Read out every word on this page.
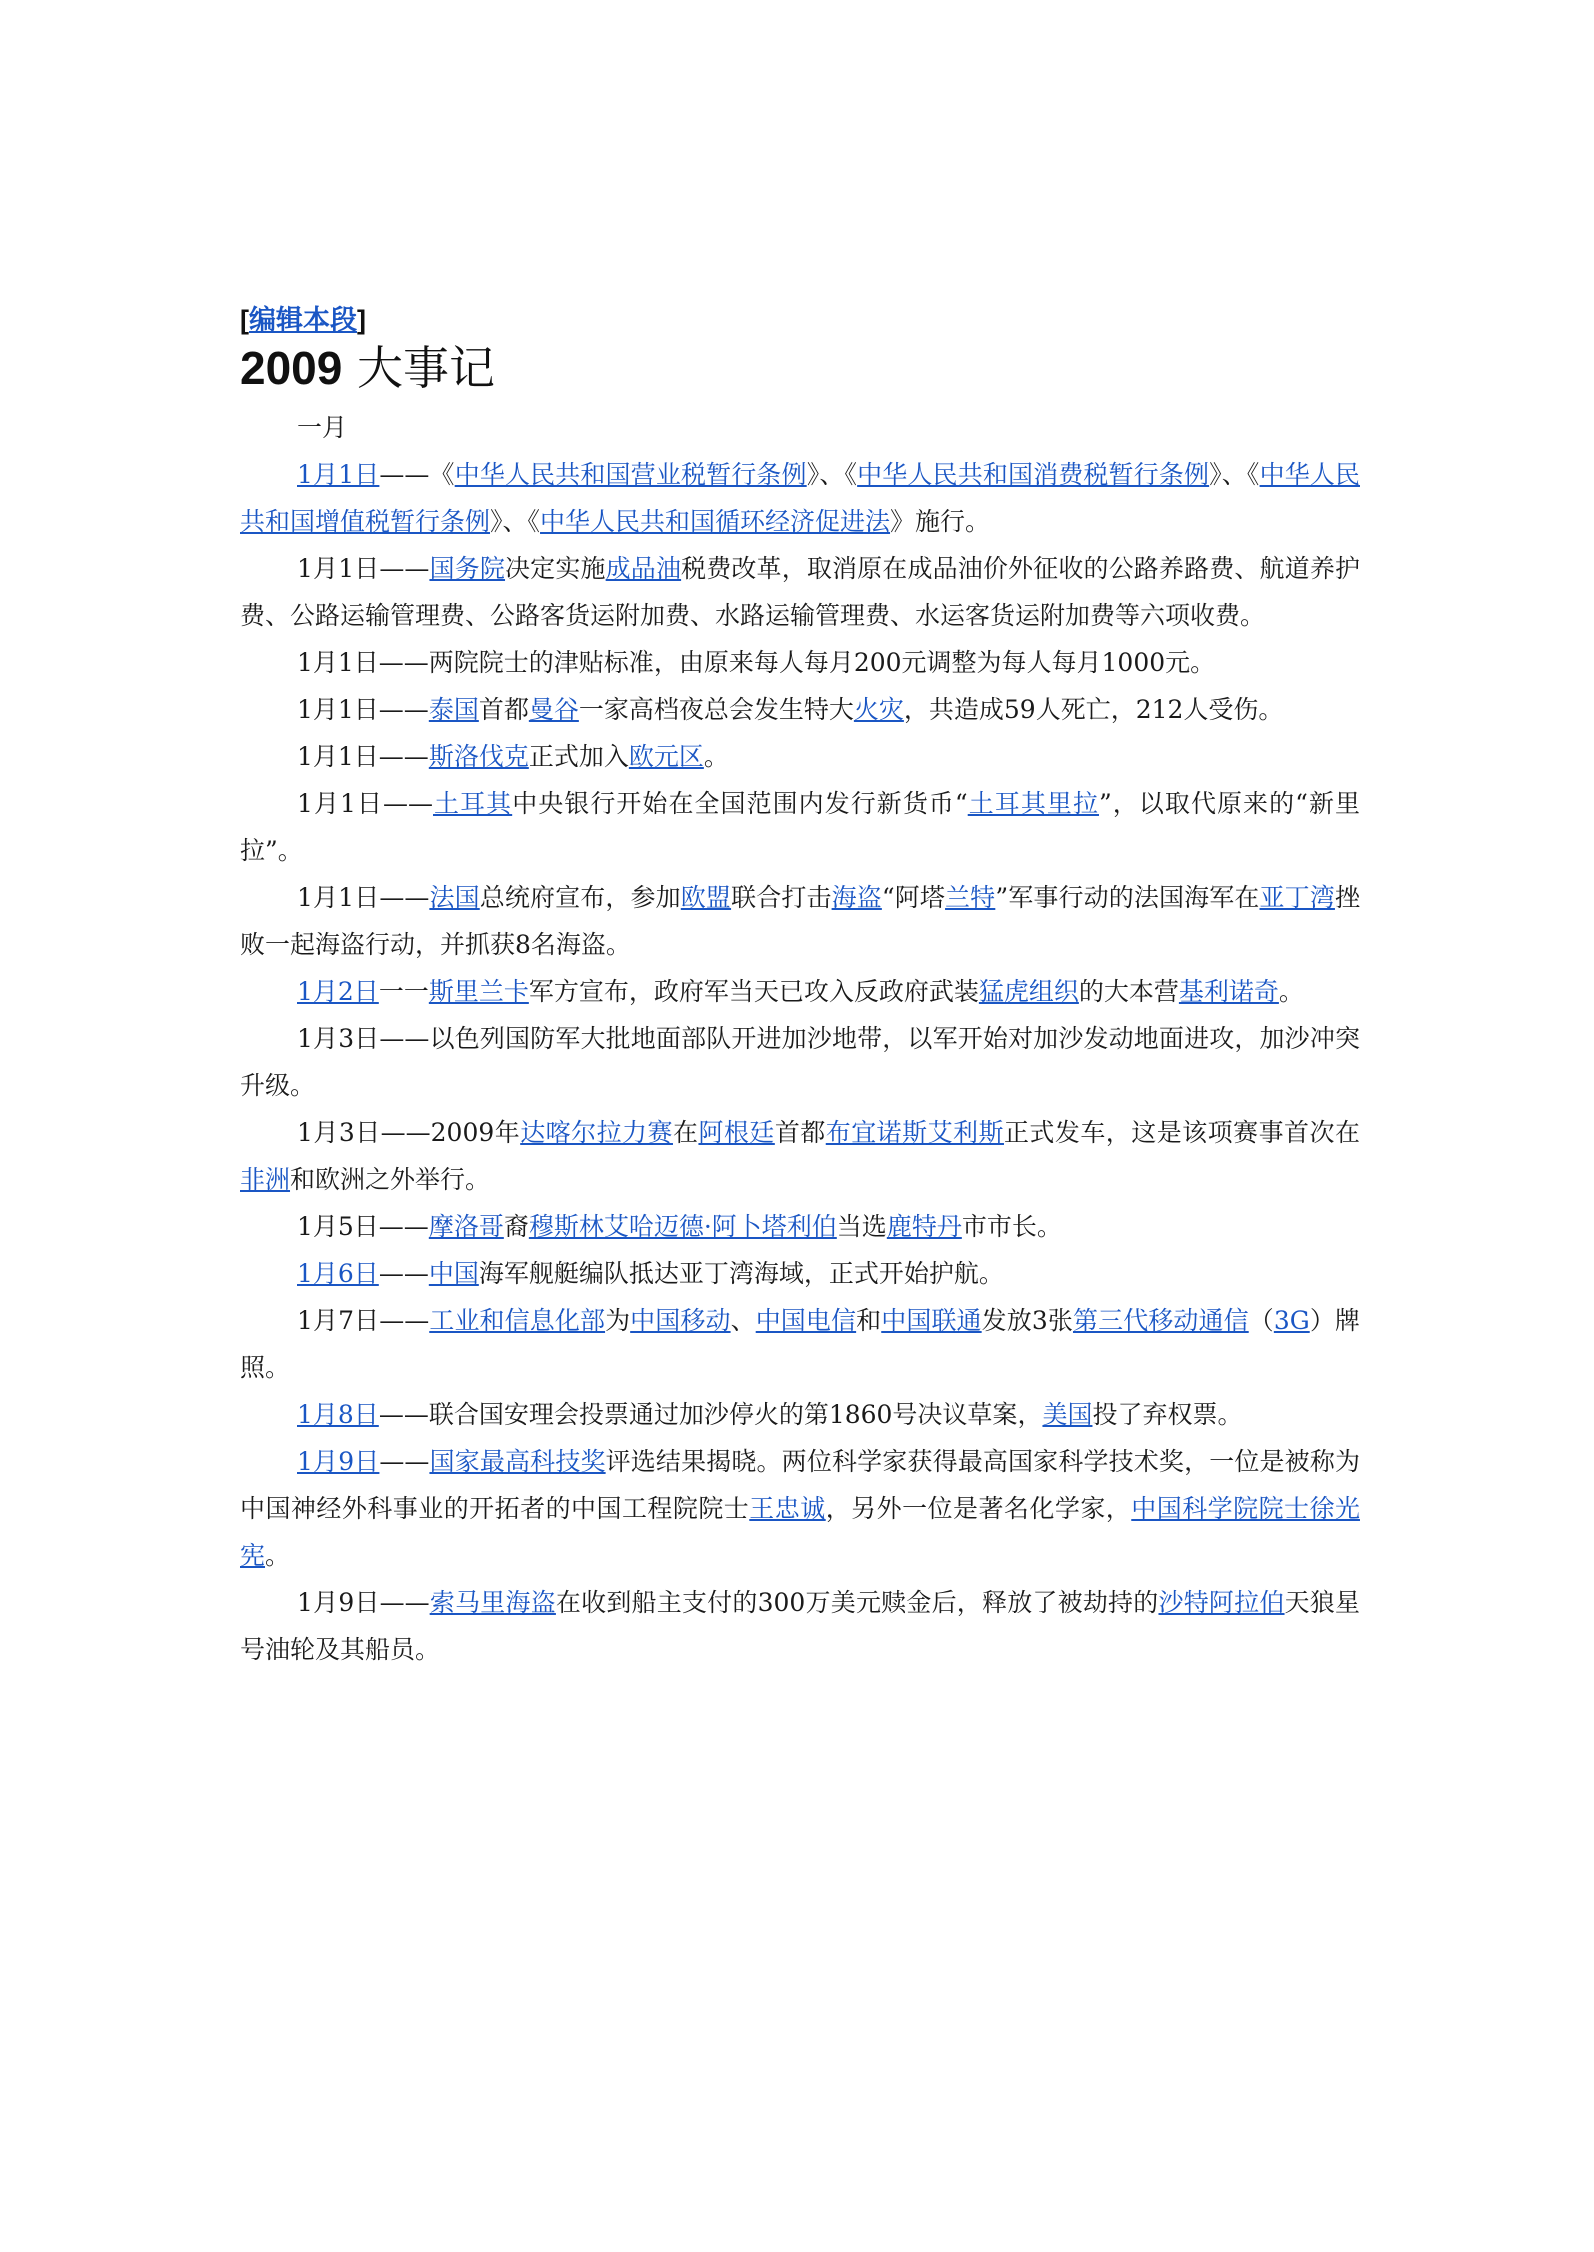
[编辑本段]
2009 大事记

一月

1月1日——《中华人民共和国营业税暂行条例》、《中华人民共和国消费税暂行条例》、《中华人民共和国增值税暂行条例》、《中华人民共和国循环经济促进法》施行。

1月1日——国务院决定实施成品油税费改革，取消原在成品油价外征收的公路养路费、航道养护费、公路运输管理费、公路客货运附加费、水路运输管理费、水运客货运附加费等六项收费。

1月1日——两院院士的津贴标准，由原来每人每月200元调整为每人每月1000元。

1月1日——泰国首都曼谷一家高档夜总会发生特大火灾，共造成59人死亡，212人受伤。

1月1日——斯洛伐克正式加入欧元区。

1月1日——土耳其中央银行开始在全国范围内发行新货币“土耳其里拉”，以取代原来的“新里拉”。

1月1日——法国总统府宣布，参加欧盟联合打击海盗“阿塔兰特”军事行动的法国海军在亚丁湾挫败一起海盗行动，并抓获8名海盗。

1月2日一一斯里兰卡军方宣布，政府军当天已攻入反政府武装猛虎组织的大本营基利诺奇。

1月3日——以色列国防军大批地面部队开进加沙地带，以军开始对加沙发动地面进攻，加沙冲突升级。

1月3日——2009年达喀尔拉力赛在阿根廷首都布宜诺斯艾利斯正式发车，这是该项赛事首次在非洲和欧洲之外举行。

1月5日——摩洛哥裔穆斯林艾哈迈德·阿卜塔利伯当选鹿特丹市市长。

1月6日——中国海军舰艇编队抵达亚丁湾海域，正式开始护航。

1月7日——工业和信息化部为中国移动、中国电信和中国联通发放3张第三代移动通信（3G）牌照。

1月8日——联合国安理会投票通过加沙停火的第1860号决议草案，美国投了弃权票。

1月9日——国家最高科技奖评选结果揭晓。两位科学家获得最高国家科学技术奖，一位是被称为中国神经外科事业的开拓者的中国工程院院士王忠诚，另外一位是著名化学家，中国科学院院士徐光宪。

1月9日——索马里海盗在收到船主支付的300万美元赎金后，释放了被劫持的沙特阿拉伯天狼星号油轮及其船员。
